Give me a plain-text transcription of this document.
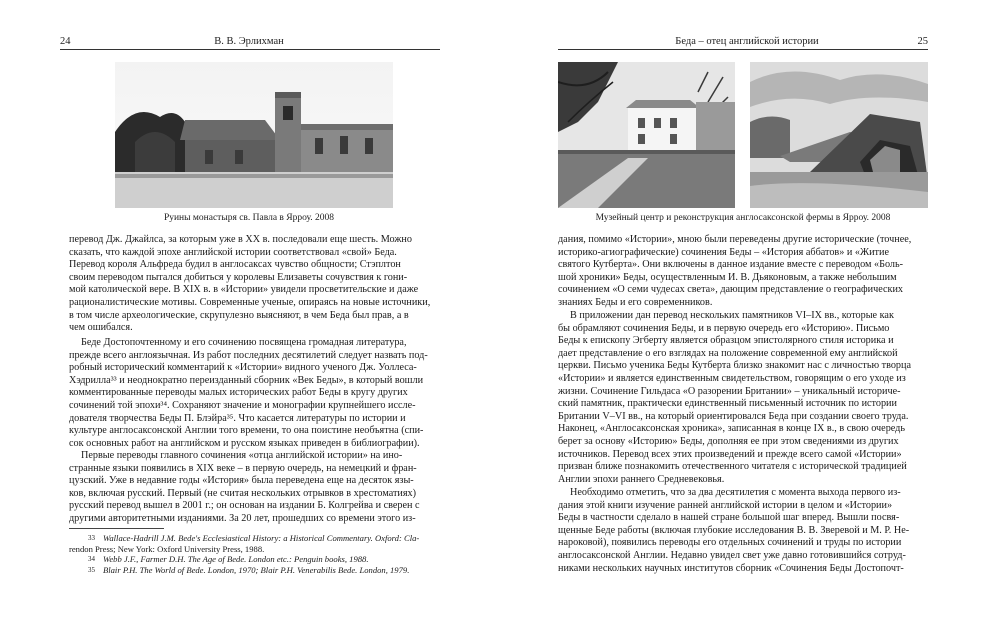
24	В. В. Эрлихман
Руины монастыря св. Павла в Ярроу. 2008
перевод Дж. Джайлса, за которым уже в XX в. последовали еще шесть. Можно
сказать, что каждой эпохе английской истории соответствовал «свой» Беда.
Перевод короля Альфреда будил в англосаксах чувство общности; Стэплтон
своим переводом пытался добиться у королевы Елизаветы сочувствия к гони-
мой католической вере. В XIX в. в «Истории» увидели просветительские и даже
рационалистические мотивы. Современные ученые, опираясь на новые источники,
в том числе археологические, скрупулезно выясняют, в чем Беда был прав, а в
чем ошибался.
Беде Достопочтенному и его сочинению посвящена громадная литература,
прежде всего англоязычная. Из работ последних десятилетий следует назвать под-
робный исторический комментарий к «Истории» видного ученого Дж. Уоллеса-
Хэдрилла³³ и неоднократно переизданный сборник «Век Беды», в который вошли
комментированные переводы малых исторических работ Беды в кругу других
сочинений той эпохи³⁴. Сохраняют значение и монографии крупнейшего иссле-
дователя творчества Беды П. Блэйра³⁵. Что касается литературы по истории и
культуре англосаксонской Англии того времени, то она поистине необъятна (спи-
сок основных работ на английском и русском языках приведен в библиографии).
Первые переводы главного сочинения «отца английской истории» на ино-
странные языки появились в XIX веке – в первую очередь, на немецкий и фран-
цузский. Уже в недавние годы «История» была переведена еще на десяток язы-
ков, включая русский. Первый (не считая нескольких отрывков в хрестоматиях)
русский перевод вышел в 2001 г.; он основан на издании Б. Колгрейва и сверен с
другими авторитетными изданиями. За 20 лет, прошедших со времени этого из-
33 Wallace-Hadrill J.M. Bede's Ecclesiastical History: a Historical Commentary. Oxford: Cla-
rendon Press; New York: Oxford University Press, 1988.
34 Webb J.F., Farmer D.H. The Age of Bede. London etc.: Penguin books, 1988.
35 Blair P.H. The World of Bede. London, 1970; Blair P.H. Venerabilis Bede. London, 1979.
Беда – отец английской истории	25
Музейный центр и реконструкция англосаксонской фермы в Ярроу. 2008
дания, помимо «Истории», мною были переведены другие исторические (точнее,
историко-агиографические) сочинения Беды – «История аббатов» и «Житие
святого Кутберта». Они включены в данное издание вместе с переводом «Боль-
шой хроники» Беды, осуществленным И. В. Дьяконовым, а также небольшим
сочинением «О семи чудесах света», дающим представление о географических
знаниях Беды и его современников.
В приложении дан перевод нескольких памятников VI–IX вв., которые как
бы обрамляют сочинения Беды, и в первую очередь его «Историю». Письмо
Беды к епископу Эгберту является образцом эпистолярного стиля историка и
дает представление о его взглядах на положение современной ему английской
церкви. Письмо ученика Беды Кутберта близко знакомит нас с личностью творца
«Истории» и является единственным свидетельством, говорящим о его уходе из
жизни. Сочинение Гильдаса «О разорении Британии» – уникальный историче-
ский памятник, практически единственный письменный источник по истории
Британии V–VI вв., на который ориентировался Беда при создании своего труда.
Наконец, «Англосаксонская хроника», записанная в конце IX в., в свою очередь
берет за основу «Историю» Беды, дополняя ее при этом сведениями из других
источников. Перевод всех этих произведений и прежде всего самой «Истории»
призван ближе познакомить отечественного читателя с исторической традицией
Англии эпохи раннего Средневековья.
Необходимо отметить, что за два десятилетия с момента выхода первого из-
дания этой книги изучение ранней английской истории в целом и «Истории»
Беды в частности сделало в нашей стране большой шаг вперед. Вышли посвя-
щенные Беде работы (включая глубокие исследования В. В. Зверевой и М. Р. Не-
нароковой), появились переводы его отдельных сочинений и труды по истории
англосаксонской Англии. Недавно увидел свет уже давно готовившийся сотруд-
никами нескольких научных институтов сборник «Сочинения Беды Достопочт-
